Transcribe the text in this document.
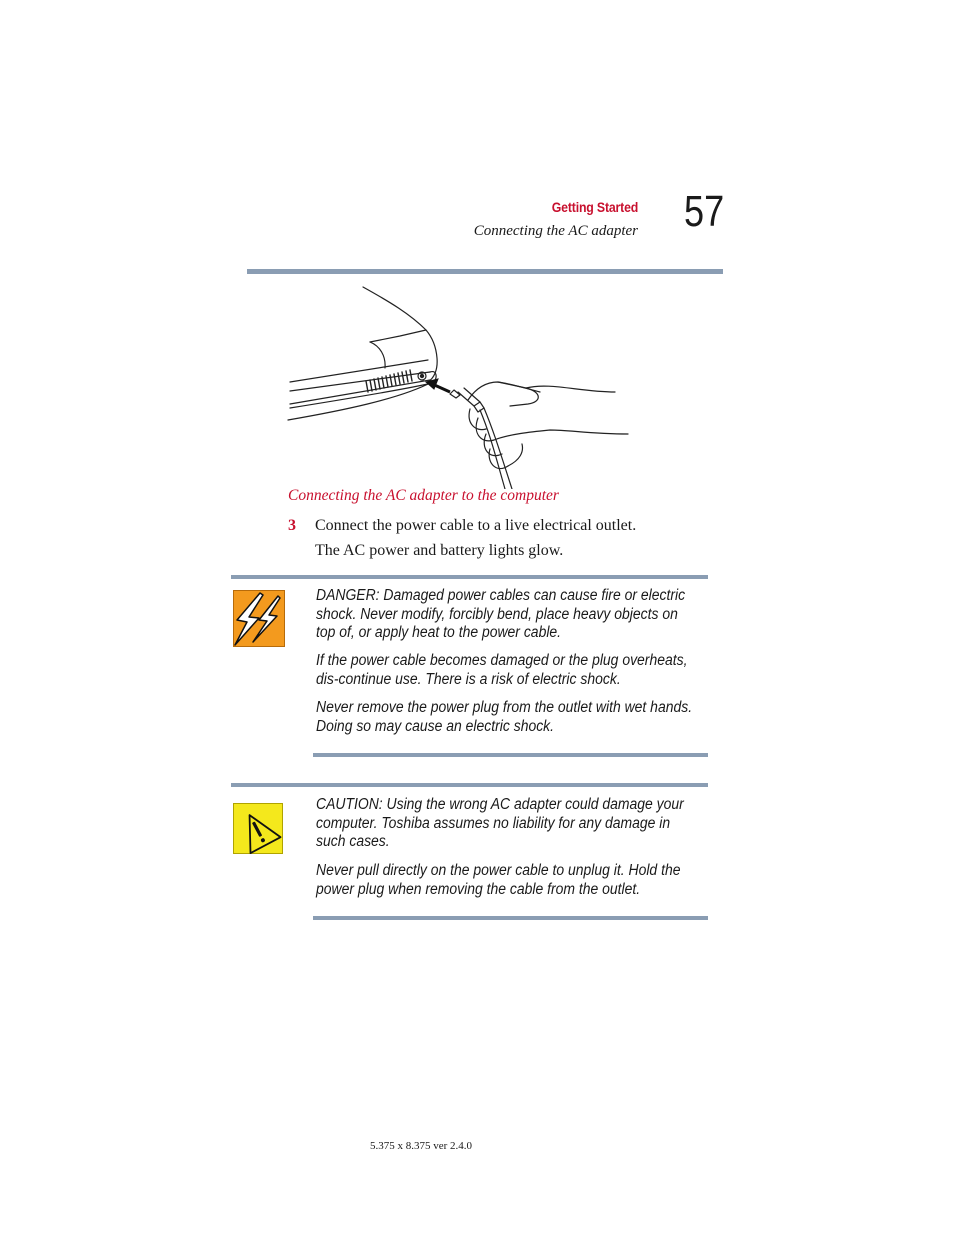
Getting Started
Connecting the AC adapter 57
Connecting the AC adapter to the computer
3 Connect the power cable to a live electrical outlet.
The AC power and battery lights glow.
DANGER: Damaged power cables can cause fire or electric shock. Never modify, forcibly bend, place heavy objects on top of, or apply heat to the power cable.
If the power cable becomes damaged or the plug overheats, dis-continue use. There is a risk of electric shock.
Never remove the power plug from the outlet with wet hands. Doing so may cause an electric shock.
CAUTION: Using the wrong AC adapter could damage your computer. Toshiba assumes no liability for any damage in such cases.
Never pull directly on the power cable to unplug it. Hold the power plug when removing the cable from the outlet.
5.375 x 8.375 ver 2.4.0
